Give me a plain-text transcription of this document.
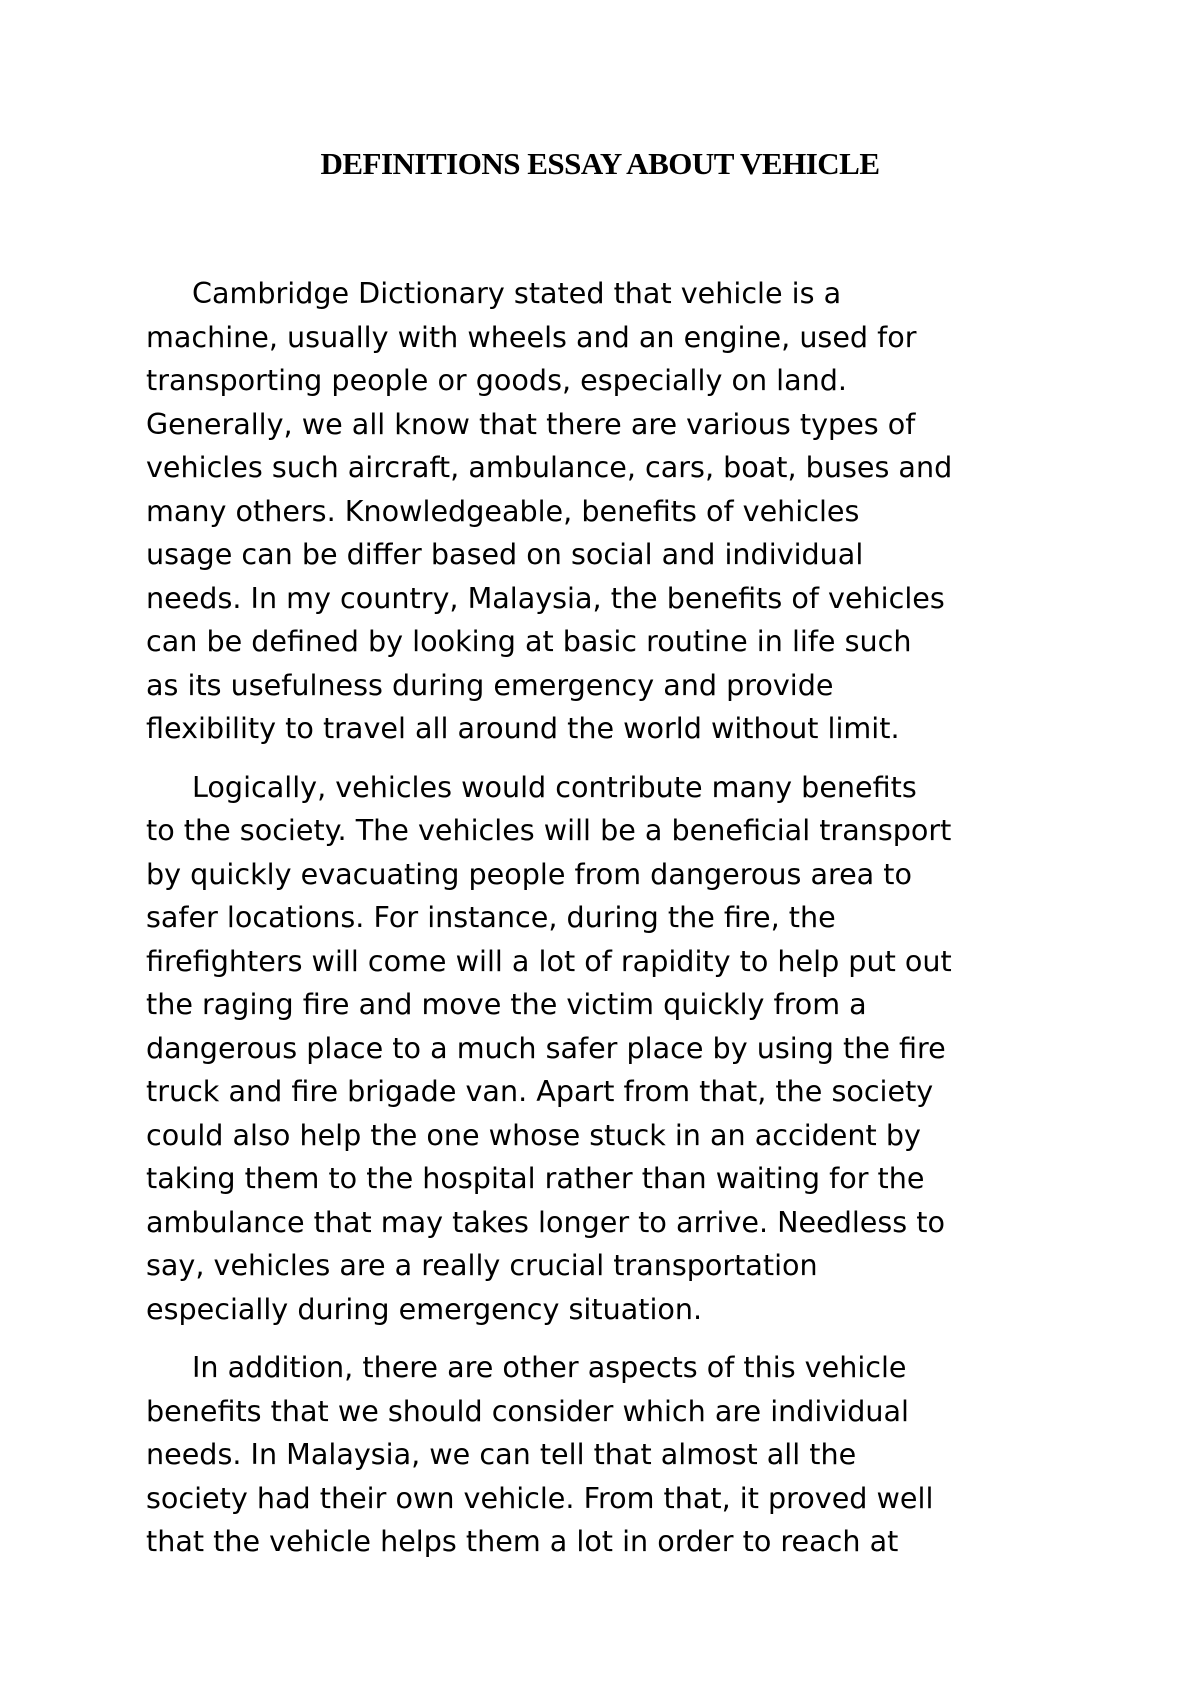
DEFINITIONS ESSAY ABOUT VEHICLE

Cambridge Dictionary stated that vehicle is a
machine, usually with wheels and an engine, used for
transporting people or goods, especially on land.
Generally, we all know that there are various types of
vehicles such aircraft, ambulance, cars, boat, buses and
many others. Knowledgeable, benefits of vehicles
usage can be differ based on social and individual
needs. In my country, Malaysia, the benefits of vehicles
can be defined by looking at basic routine in life such
as its usefulness during emergency and provide
flexibility to travel all around the world without limit.

Logically, vehicles would contribute many benefits
to the society. The vehicles will be a beneficial transport
by quickly evacuating people from dangerous area to
safer locations. For instance, during the fire, the
firefighters will come will a lot of rapidity to help put out
the raging fire and move the victim quickly from a
dangerous place to a much safer place by using the fire
truck and fire brigade van. Apart from that, the society
could also help the one whose stuck in an accident by
taking them to the hospital rather than waiting for the
ambulance that may takes longer to arrive. Needless to
say, vehicles are a really crucial transportation
especially during emergency situation.

In addition, there are other aspects of this vehicle
benefits that we should consider which are individual
needs. In Malaysia, we can tell that almost all the
society had their own vehicle. From that, it proved well
that the vehicle helps them a lot in order to reach at
